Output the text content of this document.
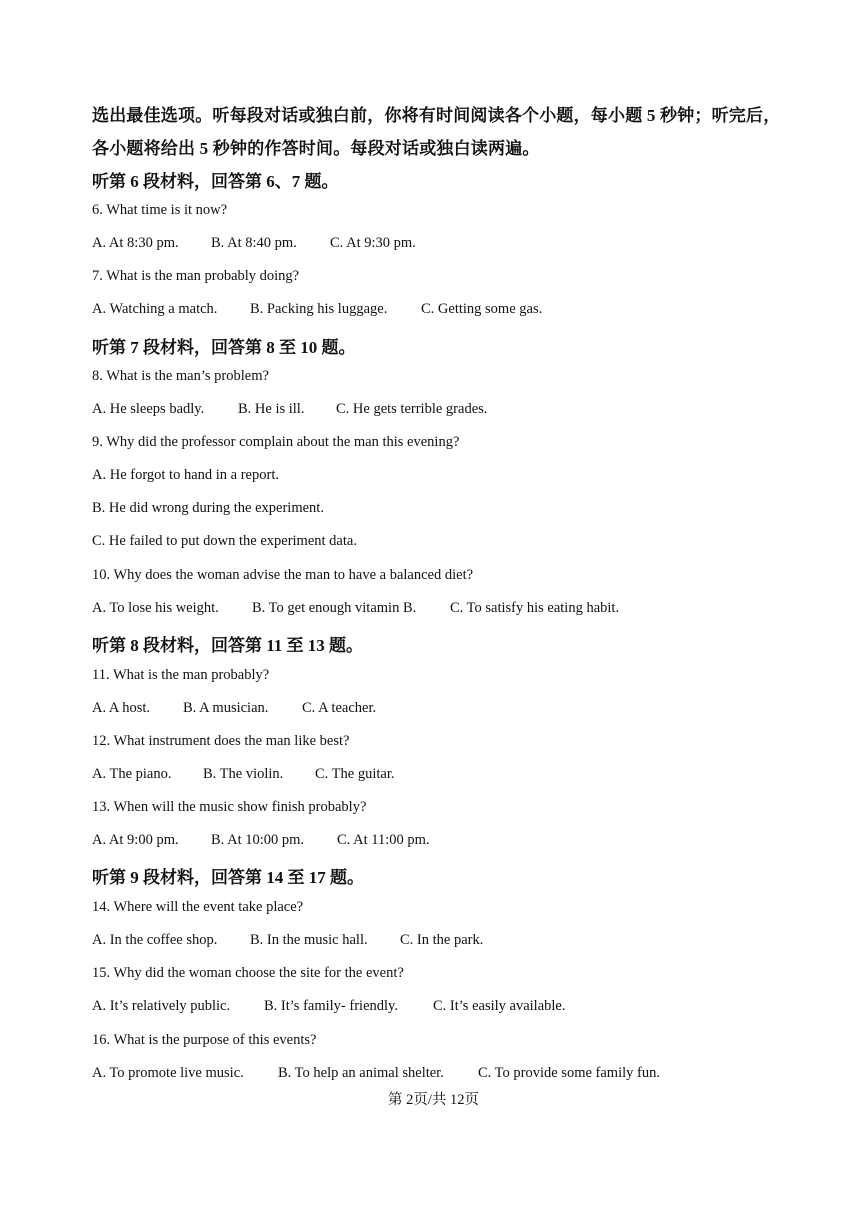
选出最佳选项。听每段对话或独白前，你将有时间阅读各个小题，每小题 5 秒钟；听完后，
各小题将给出 5 秒钟的作答时间。每段对话或独白读两遍。
听第 6 段材料，回答第 6、7 题。
6. What time is it now?
A. At 8:30 pm. B. At 8:40 pm. C. At 9:30 pm.
7. What is the man probably doing?
A. Watching a match. B. Packing his luggage. C. Getting some gas.
听第 7 段材料，回答第 8 至 10 题。
8. What is the man’s problem?
A. He sleeps badly. B. He is ill. C. He gets terrible grades.
9. Why did the professor complain about the man this evening?
A. He forgot to hand in a report.
B. He did wrong during the experiment.
C. He failed to put down the experiment data.
10. Why does the woman advise the man to have a balanced diet?
A. To lose his weight. B. To get enough vitamin B. C. To satisfy his eating habit.
听第 8 段材料，回答第 11 至 13 题。
11. What is the man probably?
A. A host. B. A musician. C. A teacher.
12. What instrument does the man like best?
A. The piano. B. The violin. C. The guitar.
13. When will the music show finish probably?
A. At 9:00 pm. B. At 10:00 pm. C. At 11:00 pm.
听第 9 段材料，回答第 14 至 17 题。
14. Where will the event take place?
A. In the coffee shop. B. In the music hall. C. In the park.
15. Why did the woman choose the site for the event?
A. It’s relatively public. B. It’s family- friendly. C. It’s easily available.
16. What is the purpose of this events?
A. To promote live music. B. To help an animal shelter. C. To provide some family fun.
第 2页/共 12页
